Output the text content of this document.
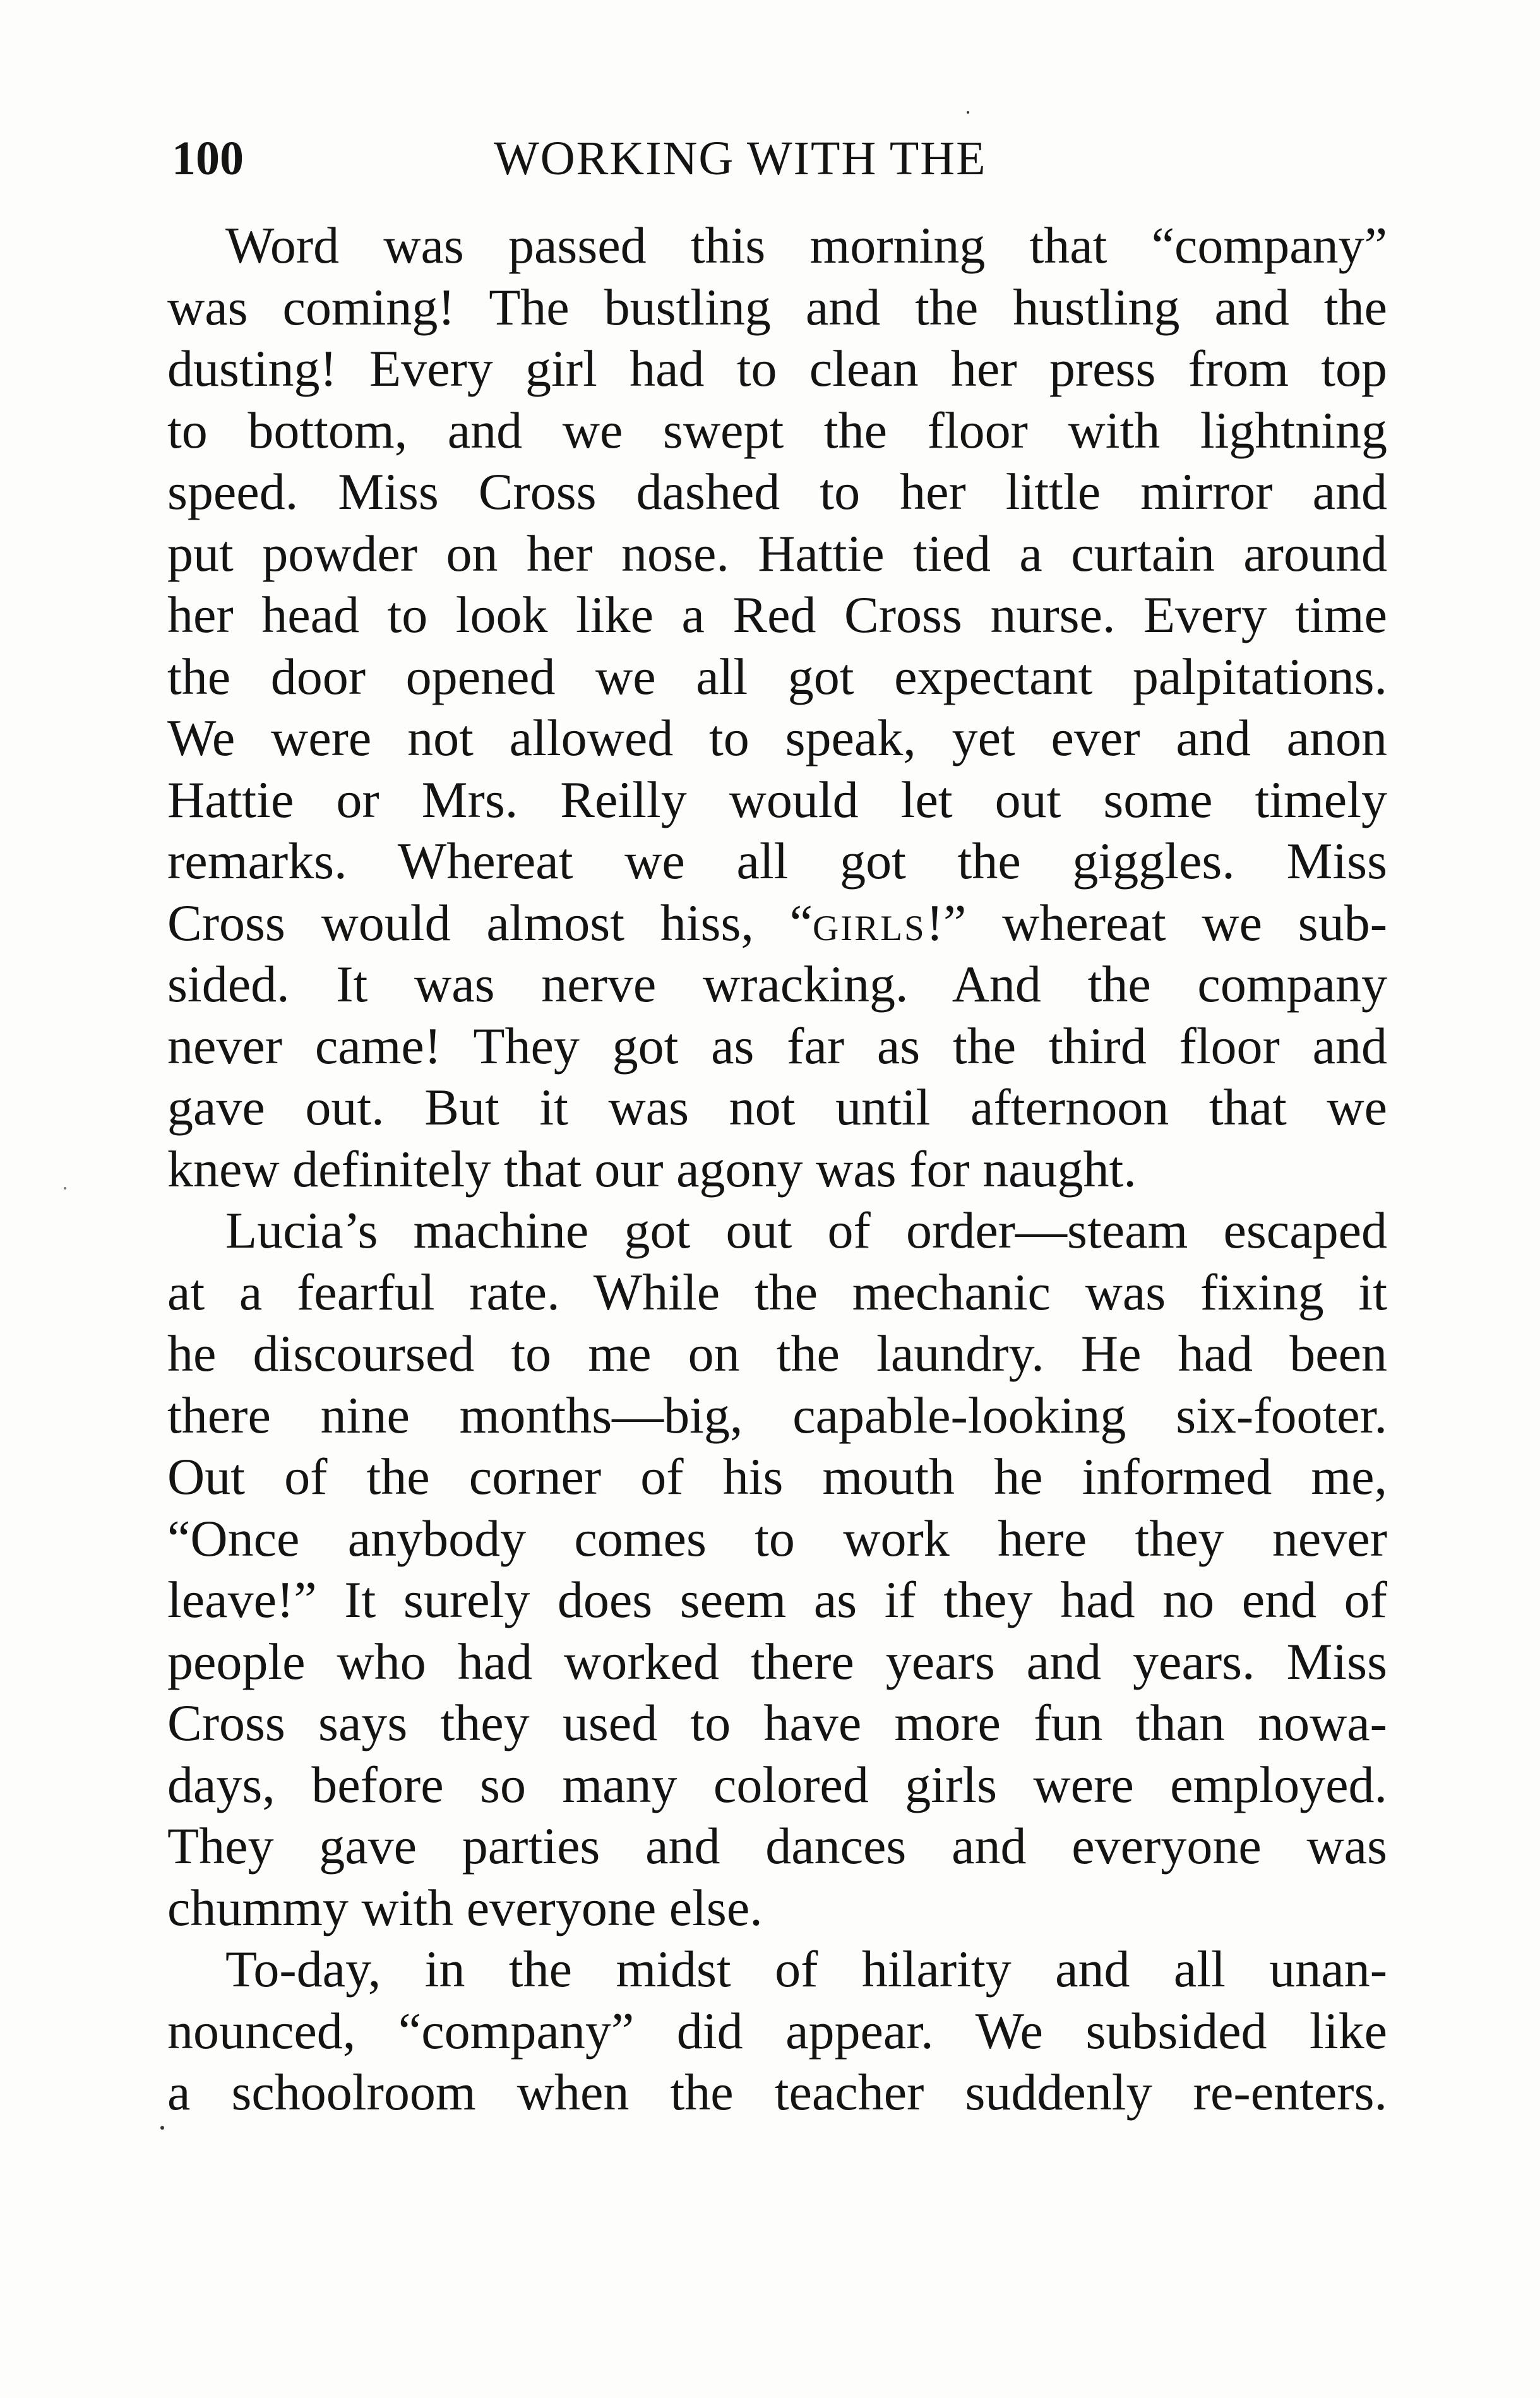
100	WORKING WITH THE
Word was passed this morning that “company”
was coming! The bustling and the hustling and the
dusting! Every girl had to clean her press from top
to bottom, and we swept the floor with lightning
speed. Miss Cross dashed to her little mirror and
put powder on her nose. Hattie tied a curtain around
her head to look like a Red Cross nurse. Every time
the door opened we all got expectant palpitations.
We were not allowed to speak, yet ever and anon
Hattie or Mrs. Reilly would let out some timely
remarks. Whereat we all got the giggles. Miss
Cross would almost hiss, “girls!” whereat we sub-
sided. It was nerve wracking. And the company
never came! They got as far as the third floor and
gave out. But it was not until afternoon that we
knew definitely that our agony was for naught.
Lucia’s machine got out of order—steam escaped
at a fearful rate. While the mechanic was fixing it
he discoursed to me on the laundry. He had been
there nine months—big, capable-looking six-footer.
Out of the corner of his mouth he informed me,
“Once anybody comes to work here they never
leave!” It surely does seem as if they had no end of
people who had worked there years and years. Miss
Cross says they used to have more fun than nowa-
days, before so many colored girls were employed.
They gave parties and dances and everyone was
chummy with everyone else.
To-day, in the midst of hilarity and all unan-
nounced, “company” did appear. We subsided like
a schoolroom when the teacher suddenly re-enters.
